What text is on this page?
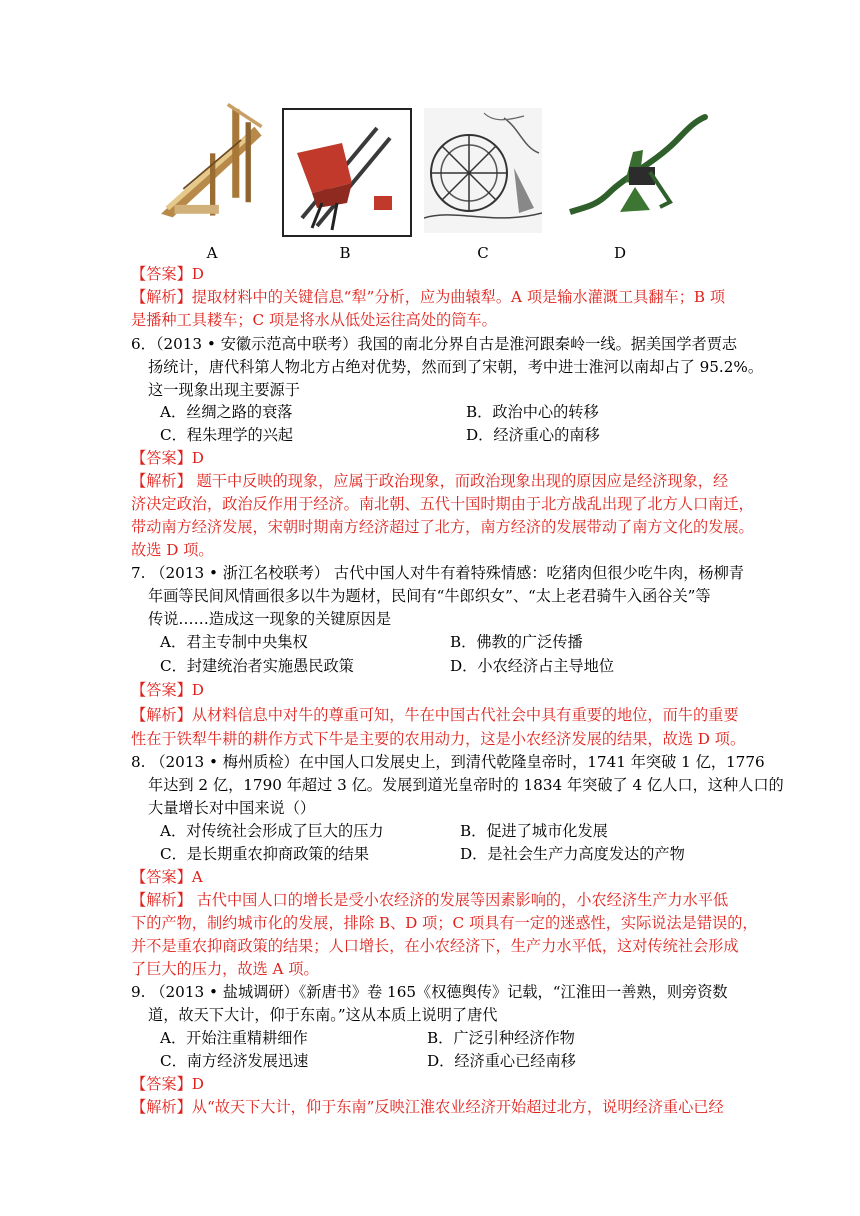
A	B	C	D
【答案】D
【解析】提取材料中的关键信息“犁”分析，应为曲辕犁。A 项是输水灌溉工具翻车；B 项
是播种工具耧车；C 项是将水从低处运往高处的筒车。
6．（2013 • 安徽示范高中联考）我国的南北分界自古是淮河跟秦岭一线。据美国学者贾志
扬统计，唐代科第人物北方占绝对优势，然而到了宋朝，考中进士淮河以南却占了 95.2%。
这一现象出现主要源于
A．丝绸之路的衰落	B．政治中心的转移
C．程朱理学的兴起	D．经济重心的南移
【答案】D
【解析】 题干中反映的现象，应属于政治现象，而政治现象出现的原因应是经济现象，经
济决定政治，政治反作用于经济。南北朝、五代十国时期由于北方战乱出现了北方人口南迁，
带动南方经济发展，宋朝时期南方经济超过了北方，南方经济的发展带动了南方文化的发展。
故选 D 项。
7. （2013 • 浙江名校联考） 古代中国人对牛有着特殊情感：吃猪肉但很少吃牛肉，杨柳青
年画等民间风情画很多以牛为题材，民间有“牛郎织女”、“太上老君骑牛入函谷关”等
传说……造成这一现象的关键原因是
A．君主专制中央集权	B．佛教的广泛传播
C．封建统治者实施愚民政策	D．小农经济占主导地位
【答案】D
【解析】从材料信息中对牛的尊重可知，牛在中国古代社会中具有重要的地位，而牛的重要
性在于铁犁牛耕的耕作方式下牛是主要的农用动力，这是小农经济发展的结果，故选 D 项。
8. （2013 • 梅州质检）在中国人口发展史上，到清代乾隆皇帝时，1741 年突破 1 亿，1776
年达到 2 亿，1790 年超过 3 亿。发展到道光皇帝时的 1834 年突破了 4 亿人口，这种人口的
大量增长对中国来说（）
A．对传统社会形成了巨大的压力	B．促进了城市化发展
C．是长期重农抑商政策的结果	D．是社会生产力高度发达的产物
【答案】A
【解析】 古代中国人口的增长是受小农经济的发展等因素影响的，小农经济生产力水平低
下的产物，制约城市化的发展，排除 B、D 项；C 项具有一定的迷惑性，实际说法是错误的，
并不是重农抑商政策的结果；人口增长，在小农经济下，生产力水平低，这对传统社会形成
了巨大的压力，故选 A 项。
9. （2013 • 盐城调研）《新唐书》卷 165《权德舆传》记载，“江淮田一善熟，则旁资数
道，故天下大计，仰于东南。”这从本质上说明了唐代
A．开始注重精耕细作	B．广泛引种经济作物
C．南方经济发展迅速	D．经济重心已经南移
【答案】D
【解析】从“故天下大计，仰于东南”反映江淮农业经济开始超过北方，说明经济重心已经
